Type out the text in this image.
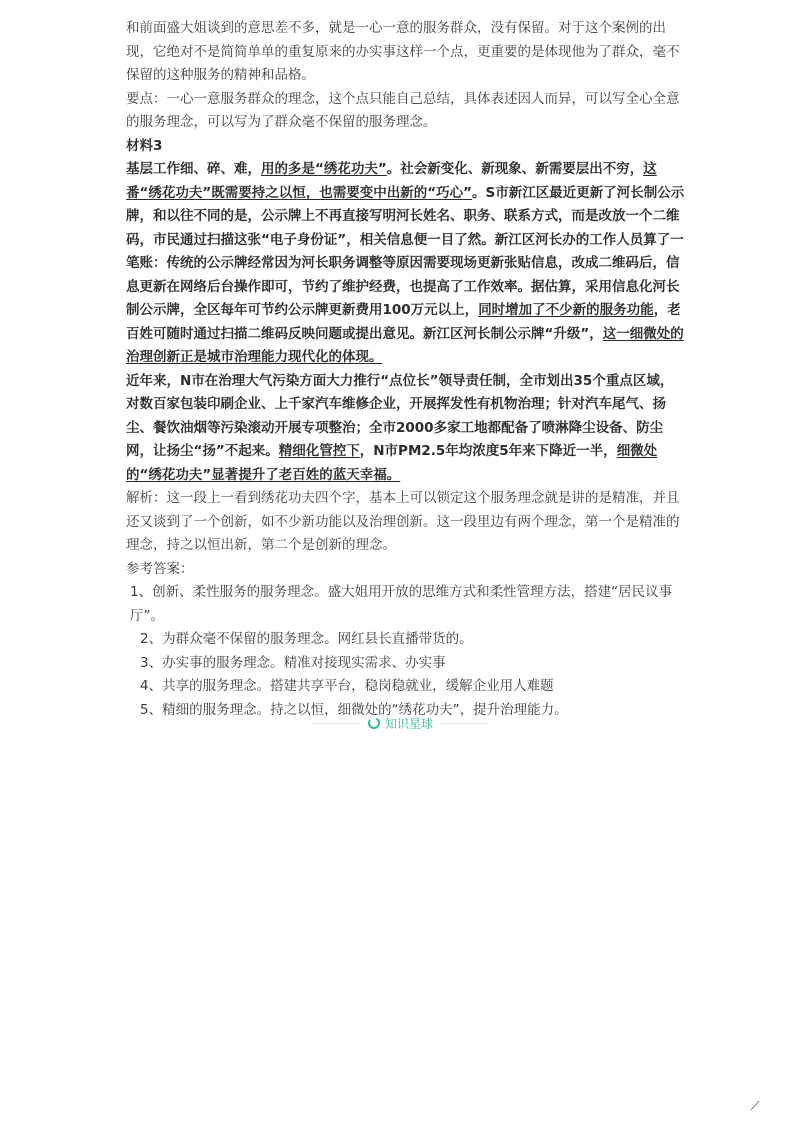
和前面盛大姐谈到的意思差不多，就是一心一意的服务群众，没有保留。对于这个案例的出现，它绝对不是简简单单的重复原来的办实事这样一个点，更重要的是体现他为了群众，毫不保留的这种服务的精神和品格。

要点：一心一意服务群众的理念，这个点只能自己总结，具体表述因人而异，可以写全心全意的服务理念，可以写为了群众毫不保留的服务理念。

材料3

基层工作细、碎、难，用的多是“绣花功夫”。社会新变化、新现象、新需要层出不穷，这番“绣花功夫”既需要持之以恒，也需要变中出新的“巧心”。S市新江区最近更新了河长制公示牌，和以往不同的是，公示牌上不再直接写明河长姓名、职务、联系方式，而是改放一个二维码，市民通过扫描这张“电子身份证”，相关信息便一目了然。新江区河长办的工作人员算了一笔账：传统的公示牌经常因为河长职务调整等原因需要现场更新张贴信息，改成二维码后，信息更新在网络后台操作即可，节约了维护经费，也提高了工作效率。据估算，采用信息化河长制公示牌，全区每年可节约公示牌更新费用100万元以上，同时增加了不少新的服务功能，老百姓可随时通过扫描二维码反映问题或提出意见。新江区河长制公示牌“升级”，这一细微处的治理创新正是城市治理能力现代化的体现。

近年来，N市在治理大气污染方面大力推行“点位长”领导责任制，全市划出35个重点区域，对数百家包装印刷企业、上千家汽车维修企业，开展挥发性有机物治理；针对汽车尾气、扬尘、餐饮油烟等污染滚动开展专项整治；全市2000多家工地都配备了喷淋降尘设备、防尘网，让扬尘“扬”不起来。精细化管控下，N市PM2.5年均浓度5年来下降近一半，细微处的“绣花功夫”显著提升了老百姓的蓝天幸福。

解析：这一段上一看到绣花功夫四个字，基本上可以锁定这个服务理念就是讲的是精准，并且还又谈到了一个创新，如不少新功能以及治理创新。这一段里边有两个理念，第一个是精准的理念，持之以恒出新，第二个是创新的理念。

参考答案：

1、创新、柔性服务的服务理念。盛大姐用开放的思维方式和柔性管理方法，搭建“居民议事厅”。
2、为群众毫不保留的服务理念。网红县长直播带货的。
3、办实事的服务理念。精准对接现实需求、办实事
4、共享的服务理念。搭建共享平台，稳岗稳就业，缓解企业用人难题
5、精细的服务理念。持之以恒，细微处的“绣花功夫”，提升治理能力。
知识星球
